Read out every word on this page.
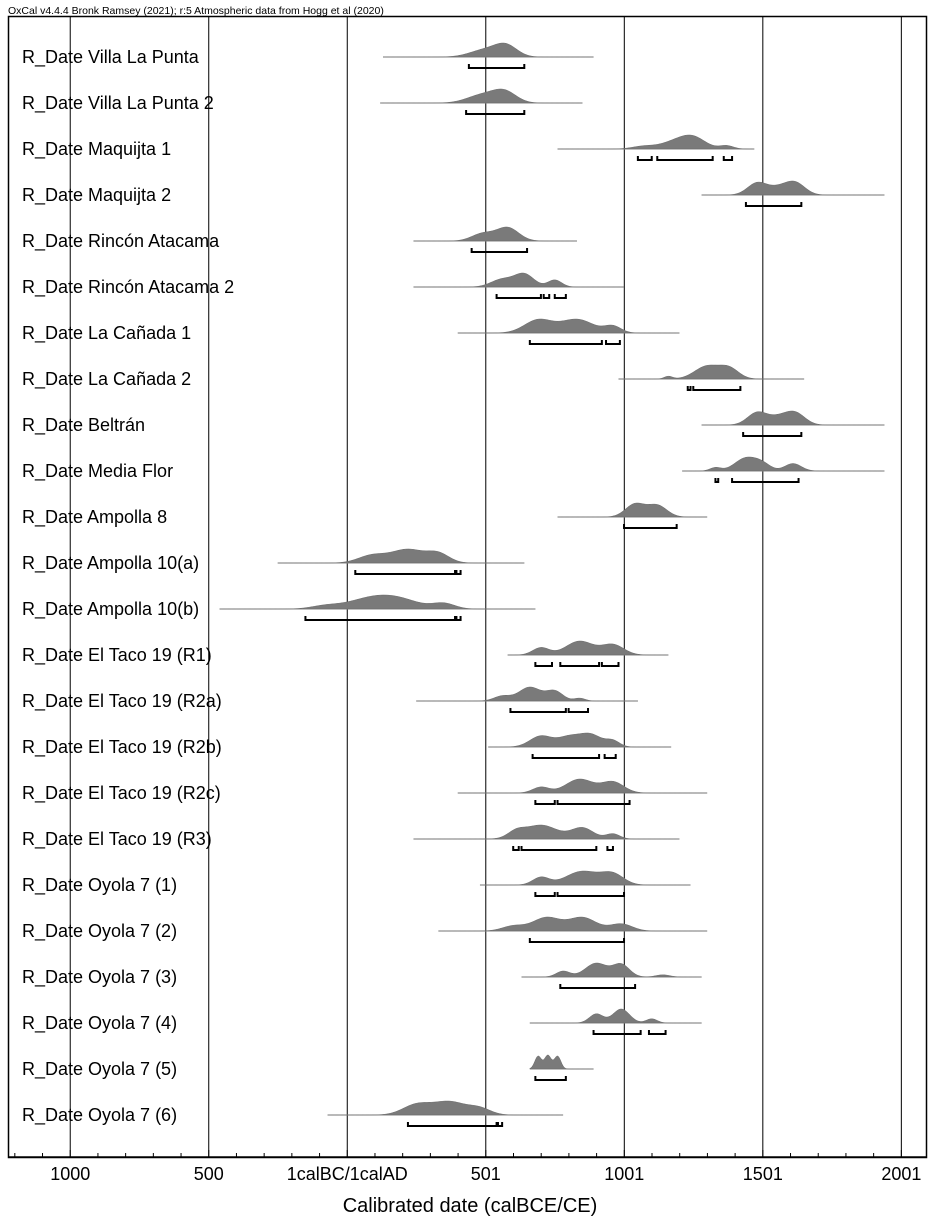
OxCal v4.4.4 Bronk Ramsey (2021); r:5 Atmospheric data from Hogg et al (2020)
R_Date Villa La Punta
R_Date Villa La Punta 2
R_Date Maquijta 1
R_Date Maquijta 2
R_Date Rincón Atacama
R_Date Rincón Atacama 2
R_Date La Cañada 1
R_Date La Cañada 2
R_Date Beltrán
R_Date Media Flor
R_Date Ampolla 8
R_Date Ampolla 10(a)
R_Date Ampolla 10(b)
R_Date El Taco 19 (R1)
R_Date El Taco 19 (R2a)
R_Date El Taco 19 (R2b)
R_Date El Taco 19 (R2c)
R_Date El Taco 19 (R3)
R_Date Oyola 7 (1)
R_Date Oyola 7 (2)
R_Date Oyola 7 (3)
R_Date Oyola 7 (4)
R_Date Oyola 7 (5)
R_Date Oyola 7 (6)
1000	500	1calBC/1calAD	501	1001	1501	2001
Calibrated date (calBCE/CE)
